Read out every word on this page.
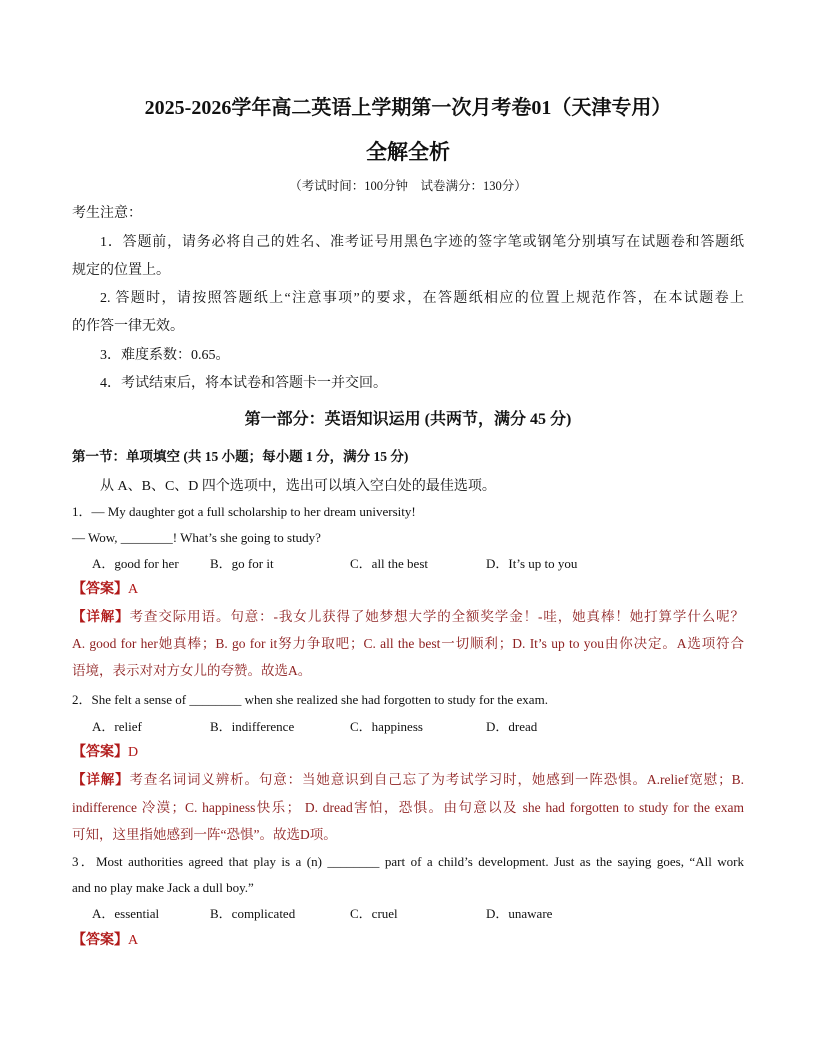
2025-2026学年高二英语上学期第一次月考卷01（天津专用）
全解全析
（考试时间：100分钟　试卷满分：130分）
考生注意：
1．答题前，请务必将自己的姓名、准考证号用黑色字迹的签字笔或钢笔分别填写在试题卷和答题纸
规定的位置上。
2. 答题时，请按照答题纸上“注意事项”的要求，在答题纸相应的位置上规范作答，在本试题卷上
的作答一律无效。
3．难度系数：0.65。
4．考试结束后，将本试卷和答题卡一并交回。
第一部分：英语知识运用 (共两节，满分 45 分)
第一节：单项填空 (共 15 小题；每小题 1 分，满分 15 分)
从 A、B、C、D 四个选项中，选出可以填入空白处的最佳选项。
1．— My daughter got a full scholarship to her dream university!
— Wow, ________! What’s she going to study?
A．good for her B．go for it	C．all the best	D．It’s up to you
【答案】A
【详解】考查交际用语。句意：-我女儿获得了她梦想大学的全额奖学金！-哇，她真棒！她打算学什么呢？
A. good for her她真棒；B. go for it努力争取吧；C. all the best一切顺利；D. It’s up to you由你决定。A选项符合
语境，表示对对方女儿的夸赞。故选A。
2．She felt a sense of ________ when she realized she had forgotten to study for the exam.
A．relief	B．indifference	C．happiness	D．dread
【答案】D
【详解】考查名词词义辨析。句意：当她意识到自己忘了为考试学习时，她感到一阵恐惧。A.relief宽慰；B.
indifference 冷漠；C. happiness快乐； D. dread害怕，恐惧。由句意以及 she had forgotten to study for the exam
可知，这里指她感到一阵“恐惧”。故选D项。
3．Most authorities agreed that play is a (n) ________ part of a child’s development. Just as the saying goes, “All work
and no play make Jack a dull boy.”
A．essential	B．complicated	C．cruel	D．unaware
【答案】A
